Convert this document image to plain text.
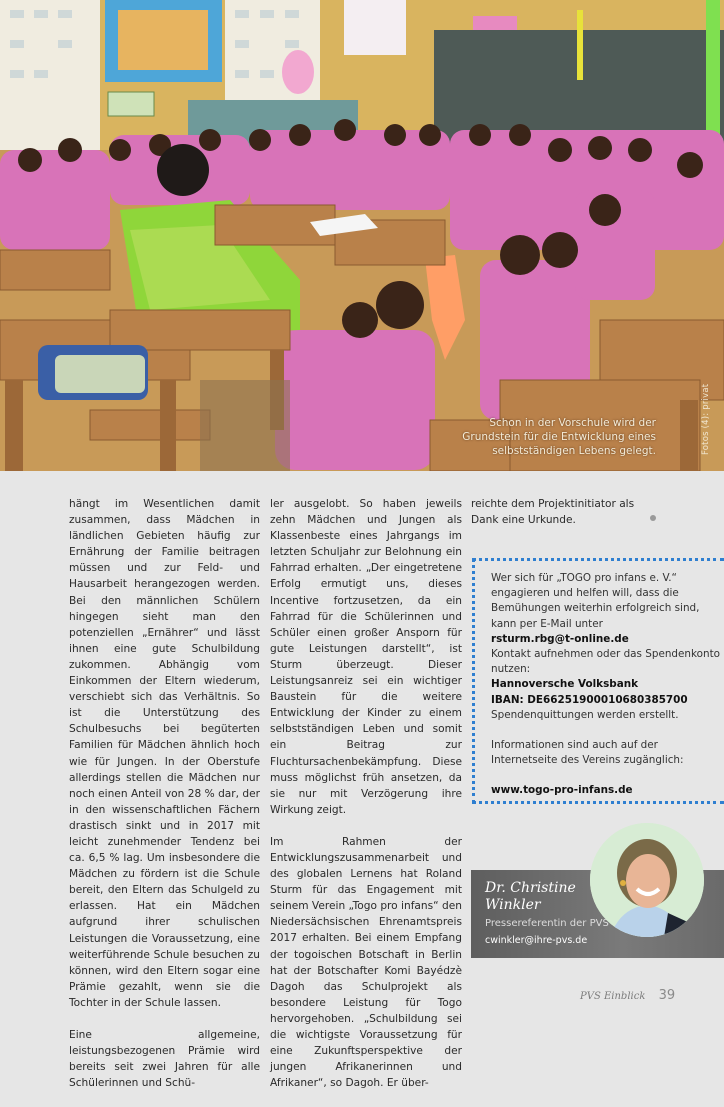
Schon in der Vorschule wird der
Grundstein für die Entwicklung eines
selbstständigen Lebens gelegt.	Fotos (4): privat

hängt im Wesentlichen damit zusammen, dass Mädchen in ländlichen Gebieten häufig zur Ernährung der Familie beitragen müssen und zur Feld- und Hausarbeit herangezogen werden. Bei den männlichen Schülern hingegen sieht man den potenziellen „Ernährer“ und lässt ihnen eine gute Schulbildung zukommen. Abhängig vom Einkommen der Eltern wiederum, verschiebt sich das Verhältnis. So ist die Unterstützung des Schulbesuchs bei begüterten Familien für Mädchen ähnlich hoch wie für Jungen. In der Oberstufe allerdings stellen die Mädchen nur noch einen Anteil von 28 % dar, der in den wissenschaftlichen Fächern drastisch sinkt und in 2017 mit leicht zunehmender Tendenz bei ca. 6,5 % lag. Um insbesondere die Mädchen zu fördern ist die Schule bereit, den Eltern das Schulgeld zu erlassen. Hat ein Mädchen aufgrund ihrer schulischen Leistungen die Voraussetzung, eine weiterführende Schule besuchen zu können, wird den Eltern sogar eine Prämie gezahlt, wenn sie die Tochter in der Schule lassen.

Eine allgemeine, leistungsbezogenen Prämie wird bereits seit zwei Jahren für alle Schülerinnen und Schü-

ler ausgelobt. So haben jeweils zehn Mädchen und Jungen als Klassenbeste eines Jahrgangs im letzten Schuljahr zur Belohnung ein Fahrrad erhalten. „Der eingetretene Erfolg ermutigt uns, dieses Incentive fortzusetzen, da ein Fahrrad für die Schülerinnen und Schüler einen großer Ansporn für gute Leistungen darstellt“, ist Sturm überzeugt. Dieser Leistungsanreiz sei ein wichtiger Baustein für die weitere Entwicklung der Kinder zu einem selbstständigen Leben und somit ein Beitrag zur Fluchtursachenbekämpfung. Diese muss möglichst früh ansetzen, da sie nur mit Verzögerung ihre Wirkung zeigt.

Im Rahmen der Entwicklungszusammenarbeit und des globalen Lernens hat Roland Sturm für das Engagement mit seinem Verein „Togo pro infans“ den Niedersächsischen Ehrenamtspreis 2017 erhalten. Bei einem Empfang der togoischen Botschaft in Berlin hat der Botschafter Komi Bayédzè Dagoh das Schulprojekt als besondere Leistung für Togo hervorgehoben. „Schulbildung sei die wichtigste Voraussetzung für eine Zukunftsperspektive der jungen Afrikanerinnen und Afrikaner“, so Dagoh. Er über-

reichte dem Projektinitiator als Dank eine Urkunde.

Wer sich für „TOGO pro infans e. V.“ engagieren und helfen will, dass die Bemühungen weiterhin erfolgreich sind, kann per E-Mail unter
rsturm.rbg@t-online.de
Kontakt aufnehmen oder das Spendenkonto nutzen:
Hannoversche Volksbank
IBAN: DE66251900010680385700
Spendenquittungen werden erstellt.
Informationen sind auch auf der Internetseite des Vereins zugänglich:
www.togo-pro-infans.de
Dr. Christine
Winkler
Pressereferentin der PVS
cwinkler@ihre-pvs.de
PVS Einblick 39
